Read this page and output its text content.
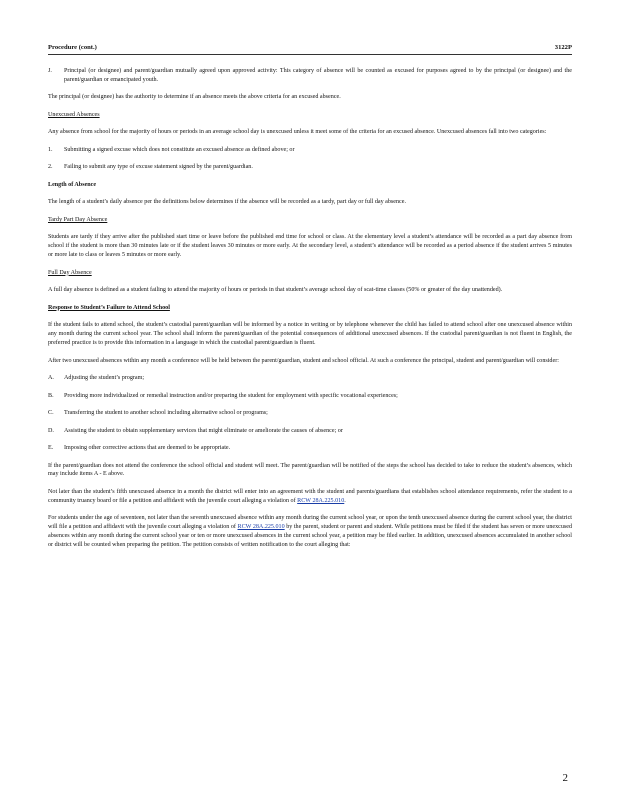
Procedure (cont.)	3122P
J.	Principal (or designee) and parent/guardian mutually agreed upon approved activity: This category of absence will be counted as excused for purposes agreed to by the principal (or designee) and the parent/guardian or emancipated youth.

The principal (or designee) has the authority to determine if an absence meets the above criteria for an excused absence.

Unexcused Absences

Any absence from school for the majority of hours or periods in an average school day is unexcused unless it meet some of the criteria for an excused absence. Unexcused absences fall into two categories:

1.	Submitting a signed excuse which does not constitute an excused absence as defined above; or
2.	Failing to submit any type of excuse statement signed by the parent/guardian.

Length of Absence

The length of a student’s daily absence per the definitions below determines if the absence will be recorded as a tardy, part day or full day absence.

Tardy Part Day Absence

Students are tardy if they arrive after the published start time or leave before the published end time for school or class. At the elementary level a student’s attendance will be recorded as a part day absence from school if the student is more than 30 minutes late or if the student leaves 30 minutes or more early. At the secondary level, a student’s attendance will be recorded as a period absence if the student arrives 5 minutes or more late to class or leaves 5 minutes or more early.

Full Day Absence

A full day absence is defined as a student failing to attend the majority of hours or periods in that student’s average school day of scat-time classes (50% or greater of the day unattended).

Response to Student’s Failure to Attend School

If the student fails to attend school, the student’s custodial parent/guardian will be informed by a notice in writing or by telephone whenever the child has failed to attend school after one unexcused absence within any month during the current school year. The school shall inform the parent/guardian of the potential consequences of additional unexcused absences. If the custodial parent/guardian is not fluent in English, the preferred practice is to provide this information in a language in which the custodial parent/guardian is fluent.

After two unexcused absences within any month a conference will be held between the parent/guardian, student and school official. At such a conference the principal, student and parent/guardian will consider:

A.	Adjusting the student’s program;
B.	Providing more individualized or remedial instruction and/or preparing the student for employment with specific vocational experiences;
C.	Transferring the student to another school including alternative school or programs;
D.	Assisting the student to obtain supplementary services that might eliminate or ameliorate the causes of absence; or
E.	Imposing other corrective actions that are deemed to be appropriate.

If the parent/guardian does not attend the conference the school official and student will meet. The parent/guardian will be notified of the steps the school has decided to take to reduce the student’s absences, which may include items A - E above.

Not later than the student’s fifth unexcused absence in a month the district will enter into an agreement with the student and parents/guardians that establishes school attendance requirements, refer the student to a community truancy board or file a petition and affidavit with the juvenile court alleging a violation of RCW 28A.225.010.

For students under the age of seventeen, not later than the seventh unexcused absence within any month during the current school year, or upon the tenth unexcused absence during the current school year, the district will file a petition and affidavit with the juvenile court alleging a violation of RCW 28A.225.010 by the parent, student or parent and student. While petitions must be filed if the student has seven or more unexcused absences within any month during the current school year or ten or more unexcused absences in the current school year, a petition may be filed earlier. In addition, unexcused absences accumulated in another school or district will be counted when preparing the petition. The petition consists of written notification to the court alleging that:

2
